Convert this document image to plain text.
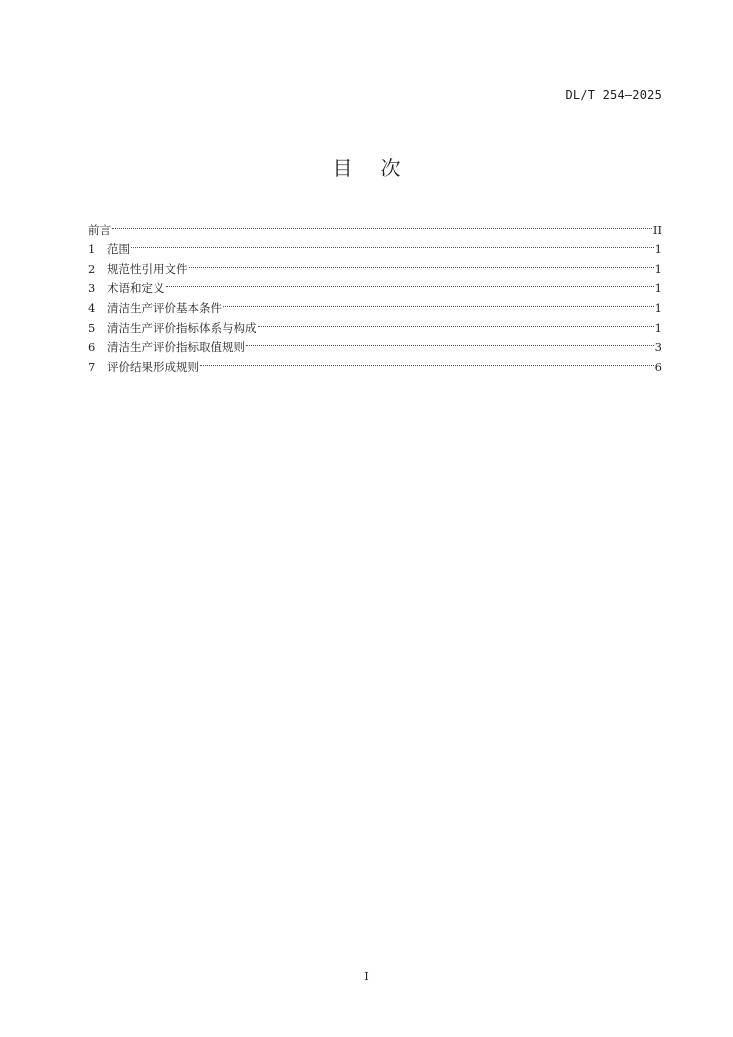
DL/T 254—2025
目 次
前言	II
1	范围	1
2	规范性引用文件	1
3	术语和定义	1
4	清洁生产评价基本条件	1
5	清洁生产评价指标体系与构成	1
6	清洁生产评价指标取值规则	3
7	评价结果形成规则	6
I
